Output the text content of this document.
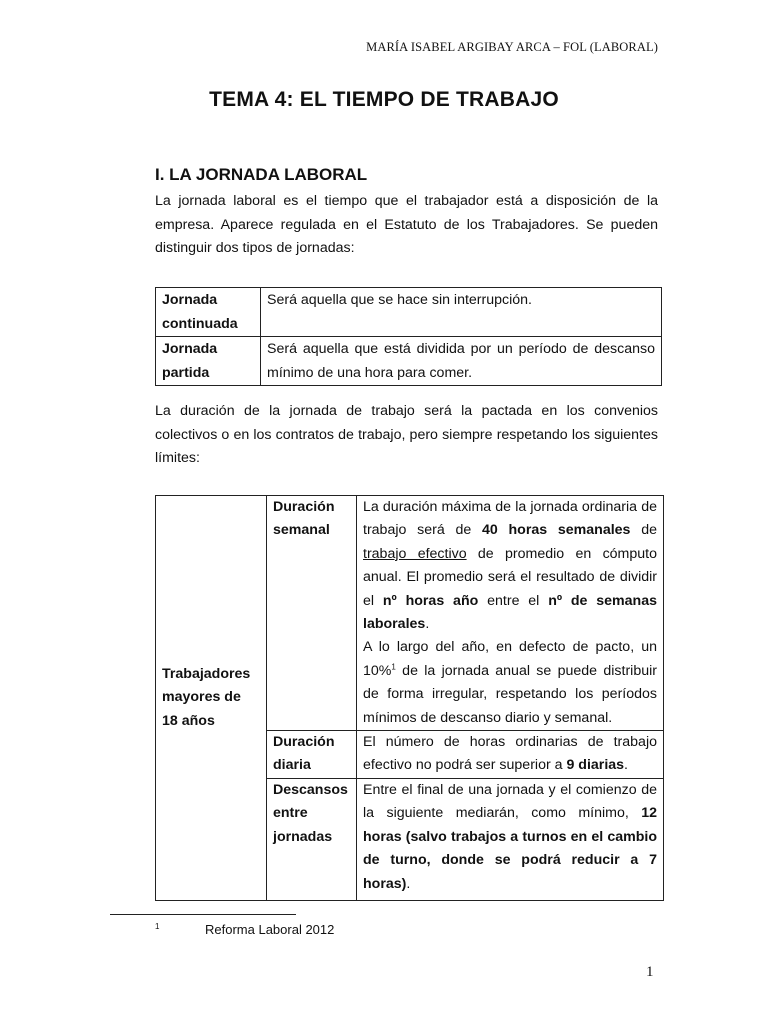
MARÍA ISABEL ARGIBAY ARCA – FOL (LABORAL)
TEMA 4: EL TIEMPO DE TRABAJO
I. LA JORNADA LABORAL
La jornada laboral es el tiempo que el trabajador está a disposición de la empresa. Aparece regulada en el Estatuto de los Trabajadores. Se pueden distinguir dos tipos de jornadas:
Jornada continuada	Será aquella que se hace sin interrupción.
Jornada partida	Será aquella que está dividida por un período de descanso mínimo de una hora para comer.
La duración de la jornada de trabajo será la pactada en los convenios colectivos o en los contratos de trabajo, pero siempre respetando los siguientes límites:
Trabajadores mayores de 18 años	Duración semanal	La duración máxima de la jornada ordinaria de trabajo será de 40 horas semanales de trabajo efectivo de promedio en cómputo anual. El promedio será el resultado de dividir el nº horas año entre el nº de semanas laborales.
A lo largo del año, en defecto de pacto, un 10%$^1$ de la jornada anual se puede distribuir de forma irregular, respetando los períodos mínimos de descanso diario y semanal.
	Duración diaria	El número de horas ordinarias de trabajo efectivo no podrá ser superior a 9 diarias.
	Descansos entre jornadas	Entre el final de una jornada y el comienzo de la siguiente mediarán, como mínimo, 12 horas (salvo trabajos a turnos en el cambio de turno, donde se podrá reducir a 7 horas).
1	Reforma Laboral 2012
1
